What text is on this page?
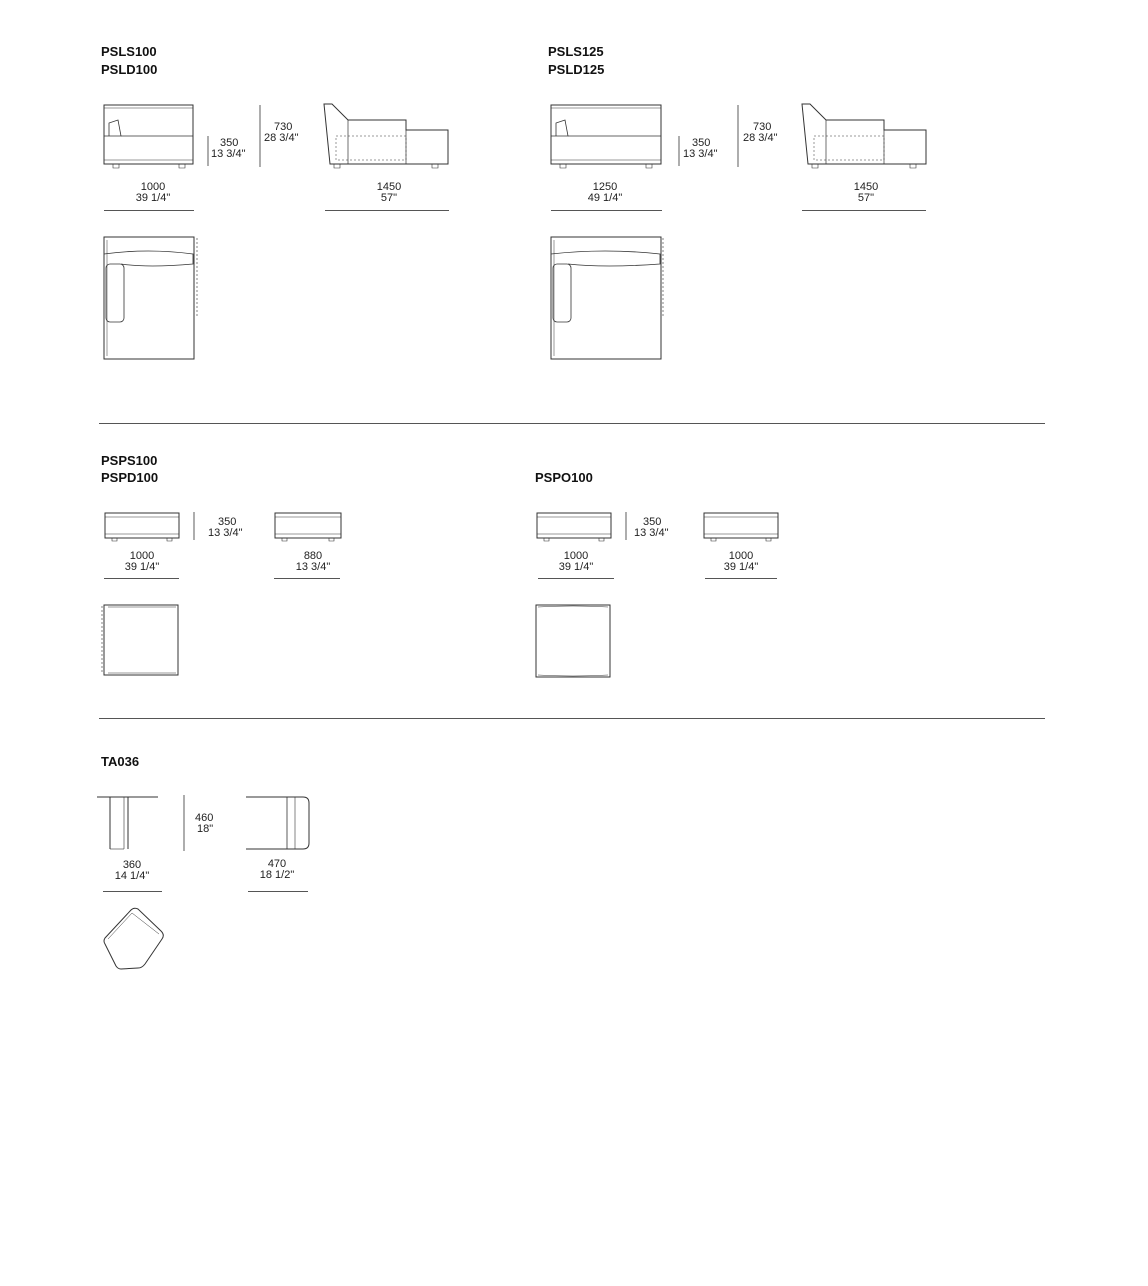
PSLS100
PSLD100
350
13 3/4"
730
28 3/4"
1000
39 1/4"
1450
57"
PSLS125
PSLD125
350
13 3/4"
730
28 3/4"
1250
49 1/4"
1450
57"
PSPS100
PSPD100
350
13 3/4"
1000
39 1/4"
880
13 3/4"
PSPO100
350
13 3/4"
1000
39 1/4"
1000
39 1/4"
TA036
460
18"
360
14 1/4"
470
18 1/2"
